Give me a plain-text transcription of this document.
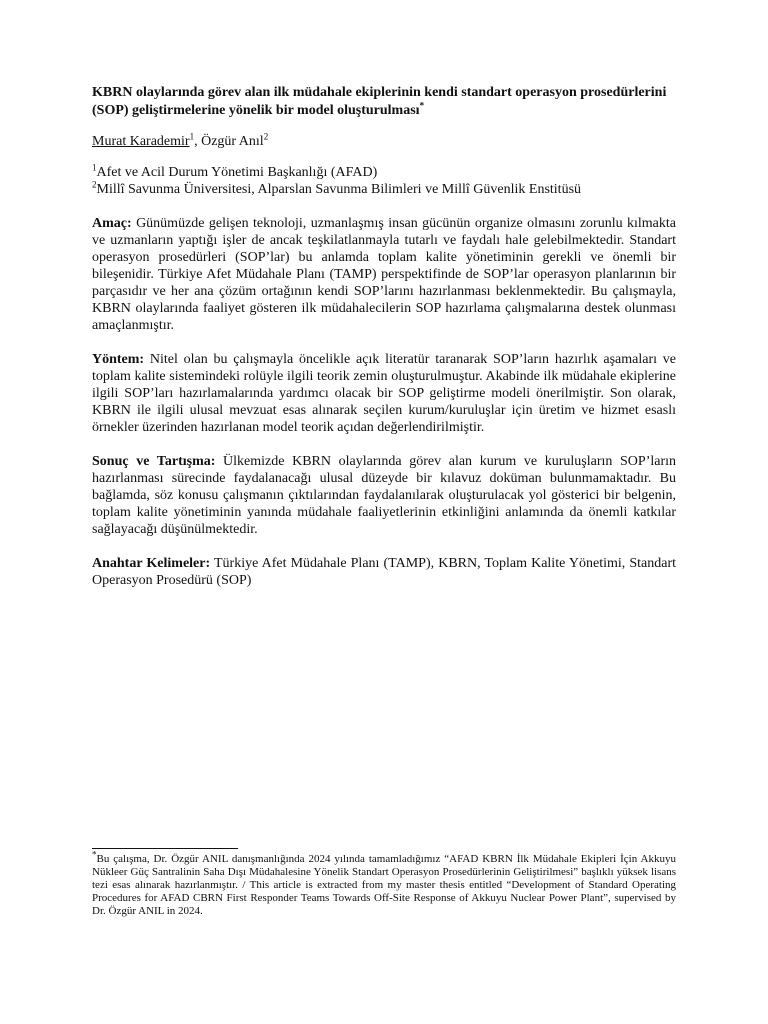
KBRN olaylarında görev alan ilk müdahale ekiplerinin kendi standart operasyon prosedürlerini (SOP) geliştirmelerine yönelik bir model oluşturulması*

Murat Karademir$^1$, Özgür Anıl$^2$
$^1$Afet ve Acil Durum Yönetimi Başkanlığı (AFAD)
$^2$Millî Savunma Üniversitesi, Alparslan Savunma Bilimleri ve Millî Güvenlik Enstitüsü
Amaç: Günümüzde gelişen teknoloji, uzmanlaşmış insan gücünün organize olmasını zorunlu kılmakta ve uzmanların yaptığı işler de ancak teşkilatlanmayla tutarlı ve faydalı hale gelebilmektedir. Standart operasyon prosedürleri (SOP’lar) bu anlamda toplam kalite yönetiminin gerekli ve önemli bir bileşenidir. Türkiye Afet Müdahale Planı (TAMP) perspektifinde de SOP’lar operasyon planlarının bir parçasıdır ve her ana çözüm ortağının kendi SOP’larını hazırlanması beklenmektedir. Bu çalışmayla, KBRN olaylarında faaliyet gösteren ilk müdahalecilerin SOP hazırlama çalışmalarına destek olunması amaçlanmıştır.
Yöntem: Nitel olan bu çalışmayla öncelikle açık literatür taranarak SOP’ların hazırlık aşamaları ve toplam kalite sistemindeki rolüyle ilgili teorik zemin oluşturulmuştur. Akabinde ilk müdahale ekiplerine ilgili SOP’ları hazırlamalarında yardımcı olacak bir SOP geliştirme modeli önerilmiştir. Son olarak, KBRN ile ilgili ulusal mevzuat esas alınarak seçilen kurum/kuruluşlar için üretim ve hizmet esaslı örnekler üzerinden hazırlanan model teorik açıdan değerlendirilmiştir.
Sonuç ve Tartışma: Ülkemizde KBRN olaylarında görev alan kurum ve kuruluşların SOP’ların hazırlanması sürecinde faydalanacağı ulusal düzeyde bir kılavuz doküman bulunmamaktadır. Bu bağlamda, söz konusu çalışmanın çıktılarından faydalanılarak oluşturulacak yol gösterici bir belgenin, toplam kalite yönetiminin yanında müdahale faaliyetlerinin etkinliğini anlamında da önemli katkılar sağlayacağı düşünülmektedir.
Anahtar Kelimeler: Türkiye Afet Müdahale Planı (TAMP), KBRN, Toplam Kalite Yönetimi, Standart Operasyon Prosedürü (SOP)
*Bu çalışma, Dr. Özgür ANIL danışmanlığında 2024 yılında tamamladığımız “AFAD KBRN İlk Müdahale Ekipleri İçin Akkuyu Nükleer Güç Santralinin Saha Dışı Müdahalesine Yönelik Standart Operasyon Prosedürlerinin Geliştirilmesi” başlıklı yüksek lisans tezi esas alınarak hazırlanmıştır. / This article is extracted from my master thesis entitled “Development of Standard Operating Procedures for AFAD CBRN First Responder Teams Towards Off-Site Response of Akkuyu Nuclear Power Plant”, supervised by Dr. Özgür ANIL in 2024.
